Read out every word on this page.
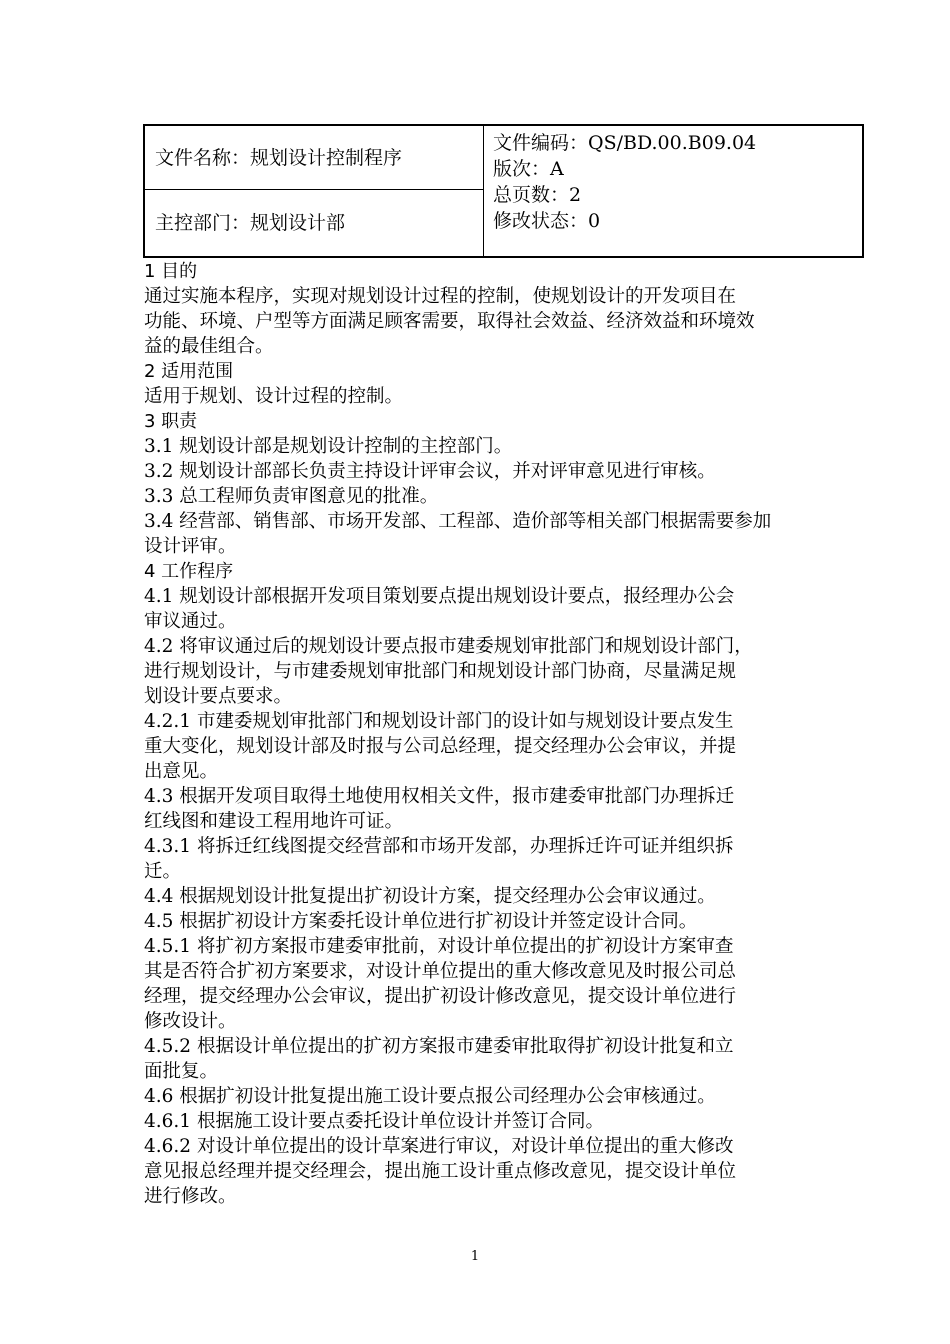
文件名称：规划设计控制程序
主控部门：规划设计部
文件编码：QS/BD.00.B09.04
版次：A
总页数：2
修改状态：0

1 目的

通过实施本程序，实现对规划设计过程的控制，使规划设计的开发项目在
功能、环境、户型等方面满足顾客需要，取得社会效益、经济效益和环境效
益的最佳组合。

2 适用范围

适用于规划、设计过程的控制。

3 职责

3.1 规划设计部是规划设计控制的主控部门。

3.2 规划设计部部长负责主持设计评审会议，并对评审意见进行审核。

3.3 总工程师负责审图意见的批准。

3.4 经营部、销售部、市场开发部、工程部、造价部等相关部门根据需要参加
设计评审。

4 工作程序

4.1 规划设计部根据开发项目策划要点提出规划设计要点，报经理办公会
审议通过。

4.2 将审议通过后的规划设计要点报市建委规划审批部门和规划设计部门，
进行规划设计，与市建委规划审批部门和规划设计部门协商，尽量满足规
划设计要点要求。

4.2.1 市建委规划审批部门和规划设计部门的设计如与规划设计要点发生
重大变化，规划设计部及时报与公司总经理，提交经理办公会审议，并提
出意见。

4.3 根据开发项目取得土地使用权相关文件，报市建委审批部门办理拆迁
红线图和建设工程用地许可证。

4.3.1 将拆迁红线图提交经营部和市场开发部，办理拆迁许可证并组织拆
迁。

4.4 根据规划设计批复提出扩初设计方案，提交经理办公会审议通过。

4.5 根据扩初设计方案委托设计单位进行扩初设计并签定设计合同。

4.5.1 将扩初方案报市建委审批前，对设计单位提出的扩初设计方案审查
其是否符合扩初方案要求，对设计单位提出的重大修改意见及时报公司总
经理，提交经理办公会审议，提出扩初设计修改意见，提交设计单位进行
修改设计。

4.5.2 根据设计单位提出的扩初方案报市建委审批取得扩初设计批复和立
面批复。

4.6 根据扩初设计批复提出施工设计要点报公司经理办公会审核通过。

4.6.1 根据施工设计要点委托设计单位设计并签订合同。

4.6.2 对设计单位提出的设计草案进行审议，对设计单位提出的重大修改
意见报总经理并提交经理会，提出施工设计重点修改意见，提交设计单位
进行修改。

1
